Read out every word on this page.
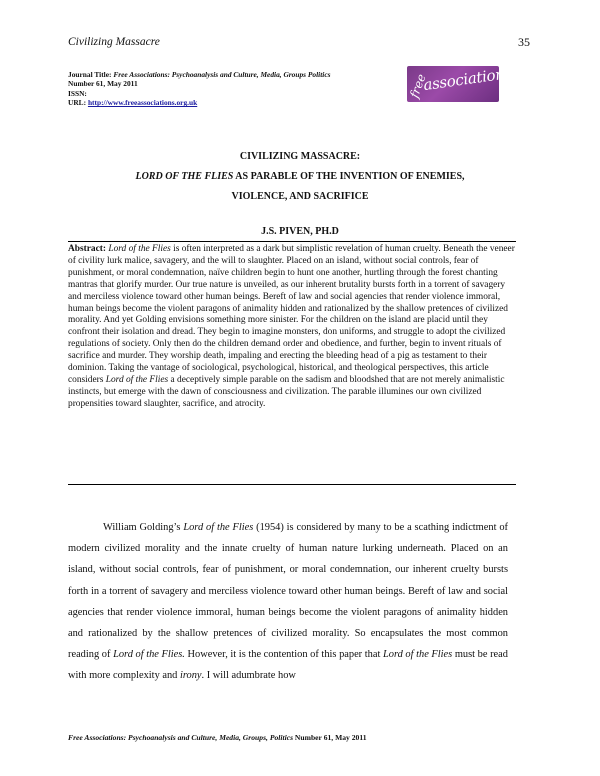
Civilizing Massacre	35
Journal Title: Free Associations: Psychoanalysis and Culture, Media, Groups Politics
Number 61, May 2011
ISSN:
URL: http://www.freeassociations.org.uk
free
associations
CIVILIZING MASSACRE:
LORD OF THE FLIES AS PARABLE OF THE INVENTION OF ENEMIES,
VIOLENCE, AND SACRIFICE
J.S. PIVEN, PH.D
Abstract: Lord of the Flies is often interpreted as a dark but simplistic revelation of human cruelty. Beneath the veneer of civility lurk malice, savagery, and the will to slaughter. Placed on an island, without social controls, fear of punishment, or moral condemnation, naïve children begin to hunt one another, hurtling through the forest chanting mantras that glorify murder. Our true nature is unveiled, as our inherent brutality bursts forth in a torrent of savagery and merciless violence toward other human beings. Bereft of law and social agencies that render violence immoral, human beings become the violent paragons of animality hidden and rationalized by the shallow pretences of civilized morality. And yet Golding envisions something more sinister. For the children on the island are placid until they confront their isolation and dread. They begin to imagine monsters, don uniforms, and struggle to adopt the civilized regulations of society. Only then do the children demand order and obedience, and further, begin to invent rituals of sacrifice and murder. They worship death, impaling and erecting the bleeding head of a pig as testament to their dominion. Taking the vantage of sociological, psychological, historical, and theological perspectives, this article considers Lord of the Flies a deceptively simple parable on the sadism and bloodshed that are not merely animalistic instincts, but emerge with the dawn of consciousness and civilization. The parable illumines our own civilized propensities toward slaughter, sacrifice, and atrocity.

William Golding’s Lord of the Flies (1954) is considered by many to be a scathing indictment of modern civilized morality and the innate cruelty of human nature lurking underneath. Placed on an island, without social controls, fear of punishment, or moral condemnation, our inherent cruelty bursts forth in a torrent of savagery and merciless violence toward other human beings. Bereft of law and social agencies that render violence immoral, human beings become the violent paragons of animality hidden and rationalized by the shallow pretences of civilized morality. So encapsulates the most common reading of Lord of the Flies. However, it is the contention of this paper that Lord of the Flies must be read with more complexity and irony. I will adumbrate how

Free Associations: Psychoanalysis and Culture, Media, Groups, Politics Number 61, May 2011
